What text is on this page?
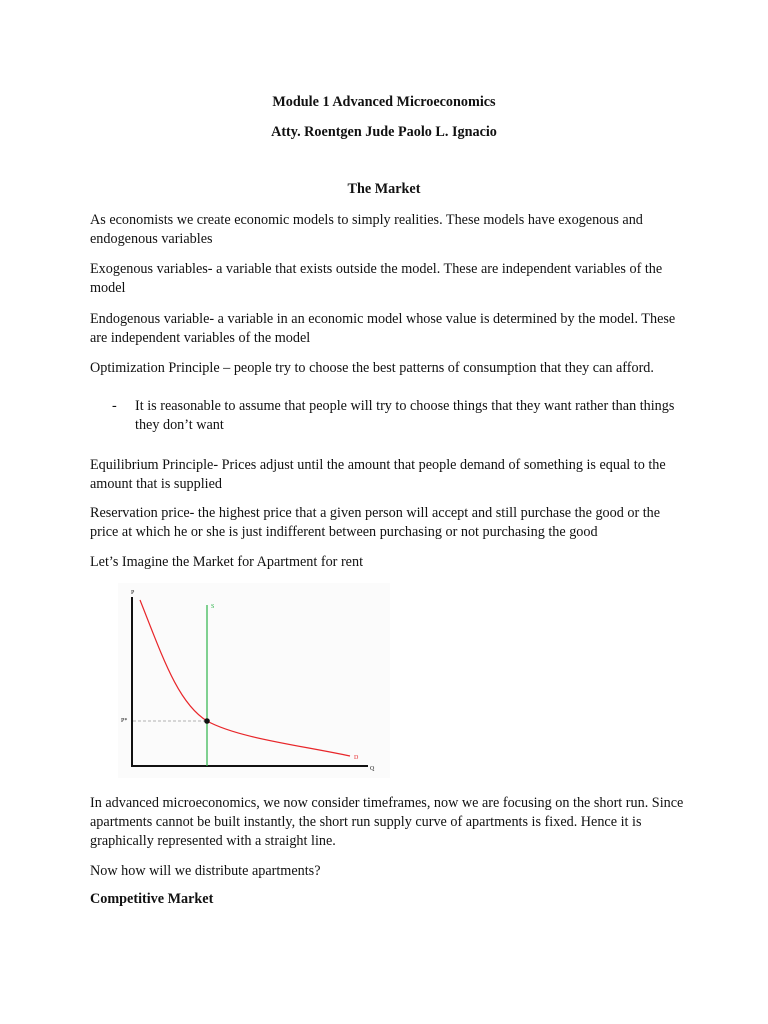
Module 1 Advanced Microeconomics
Atty. Roentgen Jude Paolo L. Ignacio
The Market
As economists we create economic models to simply realities. These models have exogenous and endogenous variables
Exogenous variables- a variable that exists outside the model. These are independent variables of the model
Endogenous variable- a variable in an economic model whose value is determined by the model. These are independent variables of the model
Optimization Principle – people try to choose the best patterns of consumption that they can afford.
- It is reasonable to assume that people will try to choose things that they want rather than things they don’t want
Equilibrium Principle- Prices adjust until the amount that people demand of something is equal to the amount that is supplied
Reservation price- the highest price that a given person will accept and still purchase the good or the price at which he or she is just indifferent between purchasing or not purchasing the good
Let’s Imagine the Market for Apartment for rent
P
Q
P*
S
D
In advanced microeconomics, we now consider timeframes, now we are focusing on the short run. Since apartments cannot be built instantly, the short run supply curve of apartments is fixed. Hence it is graphically represented with a straight line.
Now how will we distribute apartments?
Competitive Market
